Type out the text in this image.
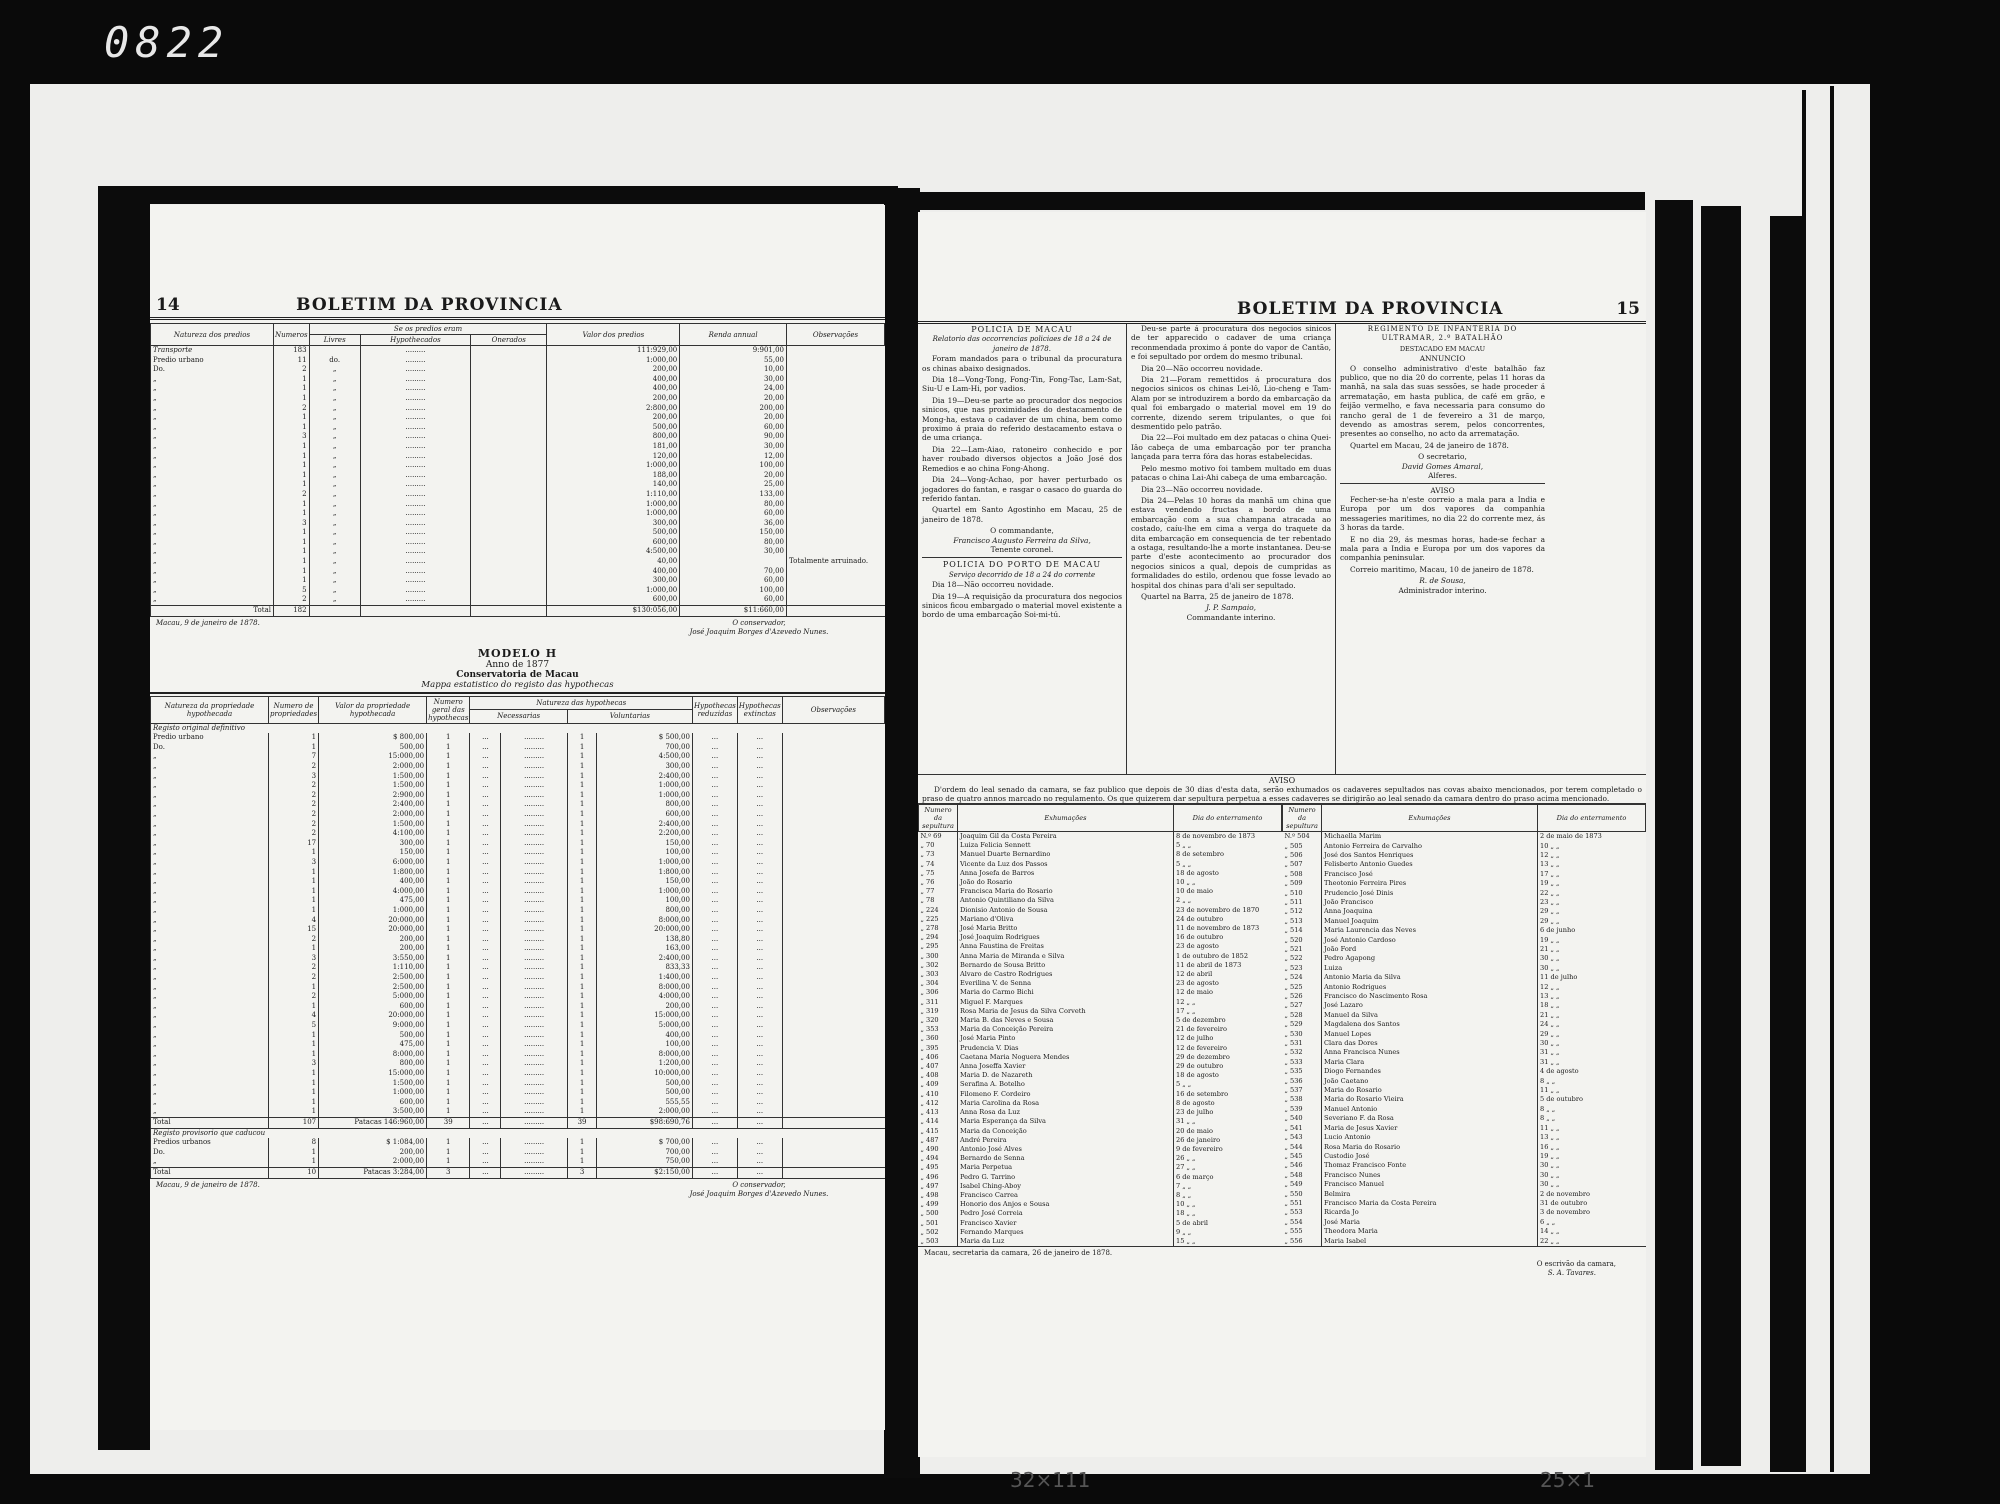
0822
14	BOLETIM DA PROVINCIA
Natureza dos predios	Numeros	Se os predios eram			Valor dos predios	Renda annual	Observações
		Livres	Hypothecados	Onerados			
Transporte	183		.........		111:929,00	9:901,00	
Predio urbano	11	do.	.........		1:000,00	55,00	
Do.	2	„	.........		200,00	10,00	
„	1	„	.........		400,00	30,00	
„	1	„	.........		400,00	24,00	
„	1	„	.........		200,00	20,00	
„	2	„	.........		2:800,00	200,00	
„	1	„	.........		200,00	20,00	
„	1	„	.........		500,00	60,00	
„	3	„	.........		800,00	90,00	
„	1	„	.........		181,00	30,00	
„	1	„	.........		120,00	12,00	
„	1	„	.........		1:000,00	100,00	
„	1	„	.........		188,00	20,00	
„	1	„	.........		140,00	25,00	
„	2	„	.........		1:110,00	133,00	
„	1	„	.........		1:000,00	80,00	
„	1	„	.........		1:000,00	60,00	
„	3	„	.........		300,00	36,00	
„	1	„	.........		500,00	150,00	
„	1	„	.........		600,00	80,00	
„	1	„	.........		4:500,00	30,00	
„	1	„	.........		40,00		Totalmente arruinado.
„	1	„	.........		400,00	70,00	
„	1	„	.........		300,00	60,00	
„	5	„	.........		1:000,00	100,00	
„	2	„	.........		600,00	60,00	
Total	182				$130:056,00	$11:660,00	
Macau, 9 de janeiro de 1878.	O conservador,
José Joaquim Borges d'Azevedo Nunes.
MODELO H
Anno de 1877
Conservatoria de Macau
Mappa estatistico do registo das hypothecas
Natureza da propriedade hypothecada	Numero de propriedades	Valor da propriedade hypothecada	Numero geral das hypothecas	Natureza das hypothecas				Hypothecas reduzidas	Hypothecas extinctas	Observações
				Necessarias		Voluntarias				
Registo original definitivo										
Predio urbano	1	$ 800,00	1	...	.........	1	$ 500,00	...	...	
Do.	1	500,00	1	...	.........	1	700,00	...	...	
„	7	15:000,00	1	...	.........	1	4:500,00	...	...	
„	2	2:000,00	1	...	.........	1	300,00	...	...	
„	3	1:500,00	1	...	.........	1	2:400,00	...	...	
„	2	1:500,00	1	...	.........	1	1:000,00	...	...	
„	2	2:900,00	1	...	.........	1	1:000,00	...	...	
„	2	2:400,00	1	...	.........	1	800,00	...	...	
„	2	2:000,00	1	...	.........	1	600,00	...	...	
„	2	1:500,00	1	...	.........	1	2:400,00	...	...	
„	2	4:100,00	1	...	.........	1	2:200,00	...	...	
„	17	300,00	1	...	.........	1	150,00	...	...	
„	1	150,00	1	...	.........	1	100,00	...	...	
„	3	6:000,00	1	...	.........	1	1:000,00	...	...	
„	1	1:800,00	1	...	.........	1	1:800,00	...	...	
„	1	400,00	1	...	.........	1	150,00	...	...	
„	1	4:000,00	1	...	.........	1	1:000,00	...	...	
„	1	475,00	1	...	.........	1	100,00	...	...	
„	1	1:000,00	1	...	.........	1	800,00	...	...	
„	4	20:000,00	1	...	.........	1	8:000,00	...	...	
„	15	20:000,00	1	...	.........	1	20:000,00	...	...	
„	2	200,00	1	...	.........	1	138,80	...	...	
„	1	200,00	1	...	.........	1	163,00	...	...	
„	3	3:550,00	1	...	.........	1	2:400,00	...	...	
„	2	1:110,00	1	...	.........	1	833,33	...	...	
„	2	2:500,00	1	...	.........	1	1:400,00	...	...	
„	1	2:500,00	1	...	.........	1	8:000,00	...	...	
„	2	5:000,00	1	...	.........	1	4:000,00	...	...	
„	1	600,00	1	...	.........	1	200,00	...	...	
„	4	20:000,00	1	...	.........	1	15:000,00	...	...	
„	5	9:000,00	1	...	.........	1	5:000,00	...	...	
„	1	500,00	1	...	.........	1	400,00	...	...	
„	1	475,00	1	...	.........	1	100,00	...	...	
„	1	8:000,00	1	...	.........	1	8:000,00	...	...	
„	3	800,00	1	...	.........	1	1:200,00	...	...	
„	1	15:000,00	1	...	.........	1	10:000,00	...	...	
„	1	1:500,00	1	...	.........	1	500,00	...	...	
„	1	1:000,00	1	...	.........	1	500,00	...	...	
„	1	600,00	1	...	.........	1	555,55	...	...	
„	1	3:500,00	1	...	.........	1	2:000,00	...	...	
Total	107	Patacas 146:960,00	39	...	.........	39	$98:690,76	...	...	
Registo provisorio que caducou										
Predios urbanos	8	$ 1:084,00	1	...	.........	1	$ 700,00	...	...	
Do.	1	200,00	1	...	.........	1	700,00	...	...	
„	1	2:000,00	1	...	.........	1	750,00	...	...	
Total	10	Patacas 3:284,00	3	...	.........	3	$2:150,00	...	...	
Macau, 9 de janeiro de 1878.	O conservador,
José Joaquim Borges d'Azevedo Nunes.
BOLETIM DA PROVINCIA	15
POLICIA DE MACAU
Relatorio das occorrencias policiaes de 18 a 24 de janeiro de 1878.

Foram mandados para o tribunal da procuratura os chinas abaixo designados.

Dia 18—Vong-Tong, Fong-Tin, Fong-Tac, Lam-Sat, Siu-U e Lam-Hi, por vadios.

Dia 19—Deu-se parte ao procurador dos negocios sinicos, que nas proximidades do destacamento de Mong-ha, estava o cadaver de um china, bem como proximo á praia do referido destacamento estava o de uma criança.

Dia 22—Lam-Aiao, ratoneiro conhecido e por haver roubado diversos objectos a João José dos Remedios e ao china Fong-Ahong.

Dia 24—Vong-Achao, por haver perturbado os jogadores do fantan, e rasgar o casaco do guarda do referido fantan.

Quartel em Santo Agostinho em Macau, 25 de janeiro de 1878.

O commandante,
Francisco Augusto Ferreira da Silva,
Tenente coronel.
POLICIA DO PORTO DE MACAU
Serviço decorrido de 18 a 24 do corrente

Dia 18—Não occorreu novidade.

Dia 19—A requisição da procuratura dos negocios sinicos ficou embargado o material movel existente a bordo de uma embarcação Soi-mi-tú.

Deu-se parte á procuratura dos negocios sinicos de ter apparecido o cadaver de uma criança reconmendada proximo á ponte do vapor de Cantão, e foi sepultado por ordem do mesmo tribunal.

Dia 20—Não occorreu novidade.

Dia 21—Foram remettidos á procuratura dos negocios sinicos os chinas Lei-lô, Lio-cheng e Tam-Alam por se introduzirem a bordo da embarcação da qual foi embargado o material movel em 19 do corrente, dizendo serem tripulantes, o que foi desmentido pelo patrão.

Dia 22—Foi multado em dez patacas o china Quei-Iâo cabeça de uma embarcação por ter prancha lançada para terra fóra das horas estabelecidas.

Pelo mesmo motivo foi tambem multado em duas patacas o china Lai-Ahi cabeça de uma embarcação.

Dia 23—Não occorreu novidade.

Dia 24—Pelas 10 horas da manhã um china que estava vendendo fructas a bordo de uma embarcação com a sua champana atracada ao costado, caíu-lhe em cima a verga do traquete da dita embarcação em consequencia de ter rebentado a ostaga, resultando-lhe a morte instantanea. Deu-se parte d'este acontecimento ao procurador dos negocios sinicos a qual, depois de cumpridas as formalidades do estilo, ordenou que fosse levado ao hospital dos chinas para d'ali ser sepultado.

Quartel na Barra, 25 de janeiro de 1878.

J. P. Sampaio,
Commandante interino.
REGIMENTO DE INFANTERIA DO ULTRAMAR, 2.º BATALHÃO
DESTACADO EM MACAU
ANNUNCIO

O conselho administrativo d'este batalhão faz publico, que no dia 20 do corrente, pelas 11 horas da manhã, na sala das suas sessões, se hade proceder á arrematação, em hasta publica, de café em grão, e feijão vermelho, e fava necessaria para consumo do rancho geral de 1 de fevereiro a 31 de março, devendo as amostras serem, pelos concorrentes, presentes ao conselho, no acto da arrematação.

Quartel em Macau, 24 de janeiro de 1878.

O secretario,
David Gomes Amaral,
Alferes.
AVISO

Fecher-se-ha n'este correio a mala para a India e Europa por um dos vapores da companhia messageries maritimes, no dia 22 do corrente mez, ás 3 horas da tarde.

E no dia 29, ás mesmas horas, hade-se fechar a mala para a India e Europa por um dos vapores da companhia peninsular.

Correio maritimo, Macau, 10 de janeiro de 1878.

R. de Sousa,
Administrador interino.
AVISO
D'ordem do leal senado da camara, se faz publico que depois de 30 dias d'esta data, serão exhumados os cadaveres sepultados nas covas abaixo mencionados, por terem completado o praso de quatro annos marcado no regulamento. Os que quizerem dar sepultura perpetua a esses cadaveres se dirigirão ao leal senado da camara dentro do praso acima mencionado.
Numero da sepultura	Exhumações	Dia do enterramento
N.º 69	Joaquim Gil da Costa Pereira	8 de novembro de 1873
„ 70	Luiza Felicia Sennett	5 „ „
„ 73	Manuel Duarte Bernardino	8 de setembro
„ 74	Vicente da Luz dos Passos	5 „ „
„ 75	Anna Josefa de Barros	18 de agosto
„ 76	João do Rosario	10 „ „
„ 77	Francisca Maria do Rosario	10 de maio
„ 78	Antonio Quintiliano da Silva	2 „ „
„ 224	Dionisio Antonio de Sousa	23 de novembro de 1870
„ 225	Mariano d'Oliva	24 de outubro
„ 278	José Maria Britto	11 de novembro de 1873
„ 294	José Joaquim Rodrigues	16 de outubro
„ 295	Anna Faustina de Freitas	23 de agosto
„ 300	Anna Maria de Miranda e Silva	1 de outubro de 1852
„ 302	Bernardo de Sousa Britto	11 de abril de 1873
„ 303	Alvaro de Castro Rodrigues	12 de abril
„ 304	Everilina V. de Senna	23 de agosto
„ 306	Maria do Carmo Bichi	12 de maio
„ 311	Miguel F. Marques	12 „ „
„ 319	Rosa Maria de Jesus da Silva Corveth	17 „ „
„ 320	Maria B. das Neves e Sousa	5 de dezembro
„ 353	Maria da Conceição Pereira	21 de fevereiro
„ 360	José Maria Pinto	12 de julho
„ 395	Prudencia V. Dias	12 de fevereiro
„ 406	Caetana Maria Noguera Mendes	29 de dezembro
„ 407	Anna Joseffa Xavier	29 de outubro
„ 408	Maria D. de Nazareth	18 de agosto
„ 409	Serafina A. Botelho	5 „ „
„ 410	Filomeno F. Cordeiro	16 de setembro
„ 412	Maria Carolina da Rosa	8 de agosto
„ 413	Anna Rosa da Luz	23 de julho
„ 414	Maria Esperança da Silva	31 „ „
„ 415	Maria da Conceição	20 de maio
„ 487	André Pereira	26 de janeiro
„ 490	Antonio José Alves	9 de fevereiro
„ 494	Bernardo de Senna	26 „ „
„ 495	Maria Perpetua	27 „ „
„ 496	Pedro G. Tarrino	6 de março
„ 497	Isabel Ching-Aboy	7 „ „
„ 498	Francisco Carrea	8 „ „
„ 499	Honorio dos Anjos e Sousa	10 „ „
„ 500	Pedro José Correia	18 „ „
„ 501	Francisco Xavier	5 de abril
„ 502	Fernando Marques	9 „ „
„ 503	Maria da Luz	15 „ „
Numero da sepultura	Exhumações	Dia do enterramento
N.º 504	Michaella Marim	2 de maio de 1873
„ 505	Antonio Ferreira de Carvalho	10 „ „
„ 506	José dos Santos Henriques	12 „ „
„ 507	Felisberto Antonio Guedes	13 „ „
„ 508	Francisco José	17 „ „
„ 509	Theotonio Ferreira Pires	19 „ „
„ 510	Prudencio José Dinis	22 „ „
„ 511	João Francisco	23 „ „
„ 512	Anna Joaquina	29 „ „
„ 513	Manuel Joaquim	29 „ „
„ 514	Maria Laurencia das Neves	6 de junho
„ 520	José Antonio Cardoso	19 „ „
„ 521	João Ford	21 „ „
„ 522	Pedro Agapong	30 „ „
„ 523	Luiza	30 „ „
„ 524	Antonio Maria da Silva	11 de julho
„ 525	Antonio Rodrigues	12 „ „
„ 526	Francisco do Nascimento Rosa	13 „ „
„ 527	José Lazaro	18 „ „
„ 528	Manuel da Silva	21 „ „
„ 529	Magdalena dos Santos	24 „ „
„ 530	Manuel Lopes	29 „ „
„ 531	Clara das Dores	30 „ „
„ 532	Anna Francisca Nunes	31 „ „
„ 533	Maria Clara	31 „ „
„ 535	Diogo Fernandes	4 de agosto
„ 536	João Caetano	8 „ „
„ 537	Maria do Rosario	11 „ „
„ 538	Maria do Rosario Vieira	5 de outubro
„ 539	Manuel Antonio	8 „ „
„ 540	Severiano F. da Rosa	8 „ „
„ 541	Maria de Jesus Xavier	11 „ „
„ 543	Lucio Antonio	13 „ „
„ 544	Rosa Maria do Rosario	16 „ „
„ 545	Custodio José	19 „ „
„ 546	Thomaz Francisco Fonte	30 „ „
„ 548	Francisco Nunes	30 „ „
„ 549	Francisco Manuel	30 „ „
„ 550	Belmira	2 de novembro
„ 551	Francisco Maria da Costa Pereira	31 de outubro
„ 553	Ricarda Jo	3 de novembro
„ 554	José Maria	6 „ „
„ 555	Theodora Maria	14 „ „
„ 556	Maria Isabel	22 „ „
Macau, secretaria da camara, 26 de janeiro de 1878.
O escrivão da camara,
S. A. Tavares.
32×111	25×1
